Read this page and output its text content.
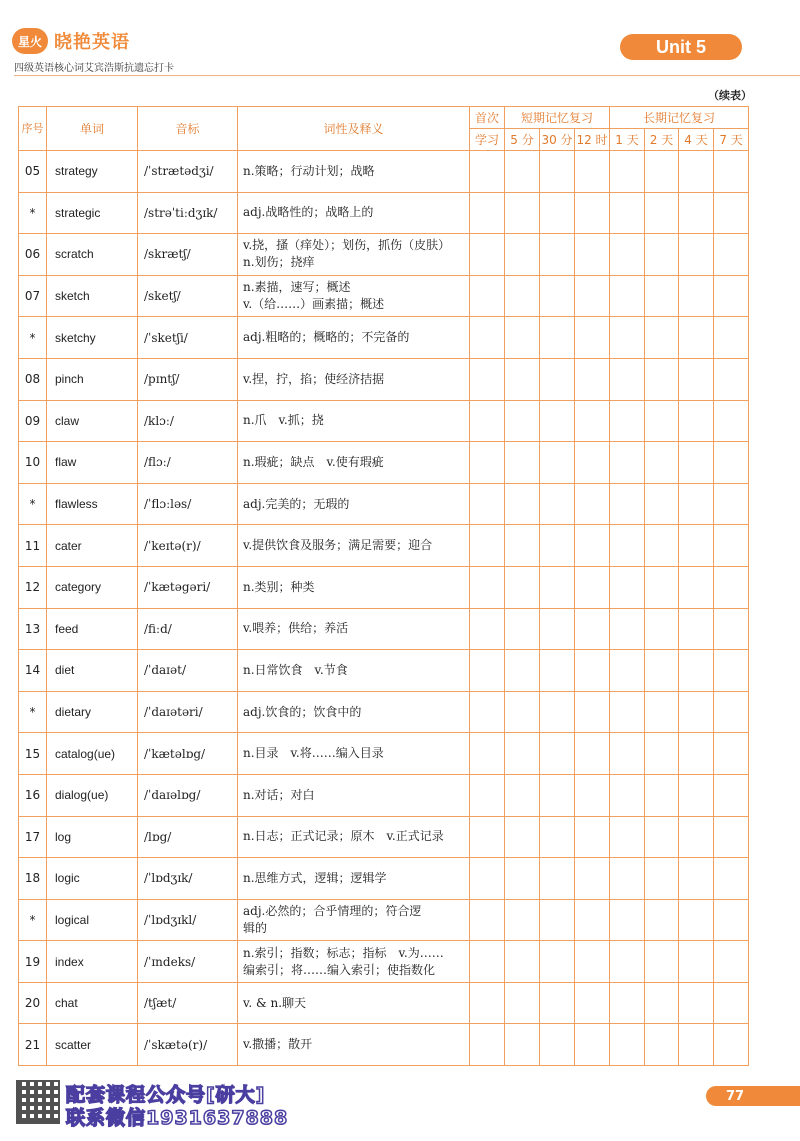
星火 晓艳英语
四级英语核心词艾宾浩斯抗遗忘打卡
Unit 5
（续表）
序号	单词	音标	词性及释义	首次	短期记忆复习			长期记忆复习			
				学习	5 分	30 分	12 时	1 天	2 天	4 天	7 天
05	strategy	/ˈstrætədʒi/	n.策略；行动计划；战略								

*	strategic	/strəˈtiːdʒɪk/	adj.战略性的；战略上的								

06	scratch	/skrætʃ/	v.挠，搔（痒处）；划伤，抓伤（皮肤）
n.划伤；挠痒								

07	sketch	/sketʃ/	n.素描，速写；概述
v.（给……）画素描；概述								

*	sketchy	/ˈsketʃi/	adj.粗略的；概略的；不完备的								

08	pinch	/pɪntʃ/	v.捏，拧，掐；使经济拮据								

09	claw	/klɔː/	n.爪　v.抓；挠								

10	flaw	/flɔː/	n.瑕疵；缺点　v.使有瑕疵								

*	flawless	/ˈflɔːləs/	adj.完美的；无瑕的								

11	cater	/ˈkeɪtə(r)/	v.提供饮食及服务；满足需要；迎合								

12	category	/ˈkætəgəri/	n.类别；种类								

13	feed	/fiːd/	v.喂养；供给；养活								

14	diet	/ˈdaɪət/	n.日常饮食　v.节食								

*	dietary	/ˈdaɪətəri/	adj.饮食的；饮食中的								

15	catalog(ue)	/ˈkætəlɒg/	n.目录　v.将……编入目录								

16	dialog(ue)	/ˈdaɪəlɒg/	n.对话；对白								

17	log	/lɒg/	n.日志；正式记录；原木　v.正式记录								

18	logic	/ˈlɒdʒɪk/	n.思维方式，逻辑；逻辑学								

*	logical	/ˈlɒdʒɪkl/	adj.必然的；合乎情理的；符合逻
辑的								

19	index	/ˈɪndeks/	n.索引；指数；标志；指标　v.为……
编索引；将……编入索引；使指数化								

20	chat	/tʃæt/	v. & n.聊天								

21	scatter	/ˈskætə(r)/	v.撒播；散开								

配套课程公众号[研大]
联系微信1931637888
77
